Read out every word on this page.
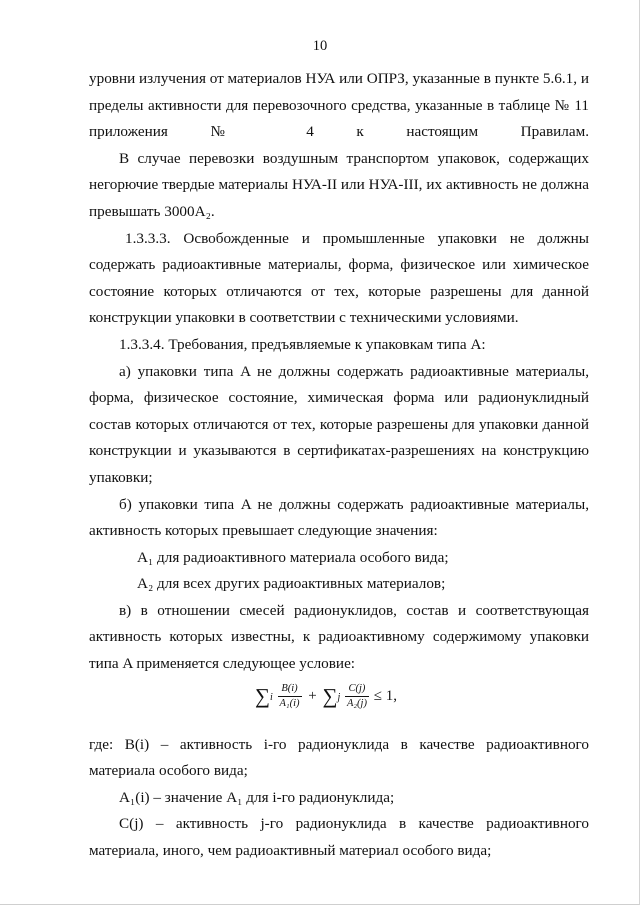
10

уровни излучения от материалов НУА или ОПРЗ, указанные в пункте 5.6.1, и пределы активности для перевозочного средства, указанные в таблице № 11 приложения № 4 к настоящим Правилам.

В случае перевозки воздушным транспортом упаковок, содержащих негорючие твердые материалы НУА-II или НУА-III, их активность не должна превышать 3000A₂.

1.3.3.3. Освобожденные и промышленные упаковки не должны содержать радиоактивные материалы, форма, физическое или химическое состояние которых отличаются от тех, которые разрешены для данной конструкции упаковки в соответствии с техническими условиями.

1.3.3.4. Требования, предъявляемые к упаковкам типа A:

а) упаковки типа A не должны содержать радиоактивные материалы, форма, физическое состояние, химическая форма или радионуклидный состав которых отличаются от тех, которые разрешены для упаковки данной конструкции и указываются в сертификатах-разрешениях на конструкцию упаковки;

б) упаковки типа A не должны содержать радиоактивные материалы, активность которых превышает следующие значения:

A₁ для радиоактивного материала особого вида;

A₂ для всех других радиоактивных материалов;

в) в отношении смесей радионуклидов, состав и соответствующая активность которых известны, к радиоактивному содержимому упаковки типа A применяется следующее условие:

$\sum i \frac{B(i)}{\text{A₁(i)}} + \sum j \frac{C(j)}{\text{A₂(j)}} \le 1$,

где: B(i) – активность i-го радионуклида в качестве радиоактивного материала особого вида;

A₁(i) – значение A₁ для i-го радионуклида;

C(j) – активность j-го радионуклида в качестве радиоактивного материала, иного, чем радиоактивный материал особого вида;
